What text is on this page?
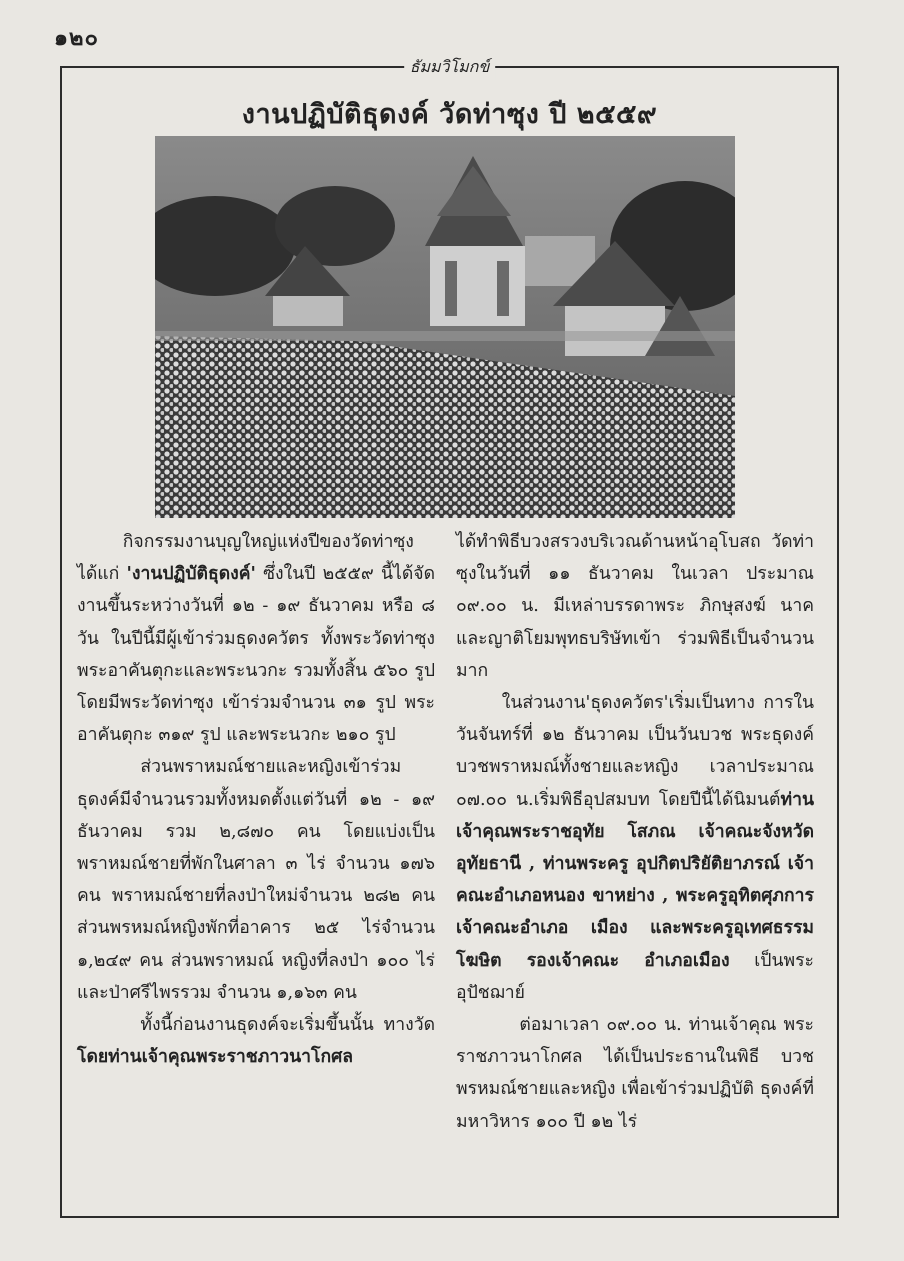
๑๒๐
ธัมมวิโมกข์
งานปฏิบัติธุดงค์ วัดท่าซุง ปี ๒๕๕๙

กิจกรรมงานบุญใหญ่แห่งปีของวัดท่าซุง ได้แก่ 'งานปฏิบัติธุดงค์' ซึ่งในปี ๒๕๕๙ นี้ได้จัดงานขึ้นระหว่างวันที่ ๑๒ - ๑๙ ธันวาคม หรือ ๘ วัน ในปีนี้มีผู้เข้าร่วมธุดงควัตร ทั้งพระวัดท่าซุง พระอาคันตุกะและพระนวกะ รวมทั้งสิ้น ๕๖๐ รูป โดยมีพระวัดท่าซุง เข้าร่วมจำนวน ๓๑ รูป พระอาคันตุกะ ๓๑๙ รูป และพระนวกะ ๒๑๐ รูป

ส่วนพราหมณ์ชายและหญิงเข้าร่วม ธุดงค์มีจำนวนรวมทั้งหมดตั้งแต่วันที่ ๑๒ - ๑๙ ธันวาคม รวม ๒,๘๗๐ คน โดยแบ่งเป็น พราหมณ์ชายที่พักในศาลา ๓ ไร่ จำนวน ๑๗๖ คน พราหมณ์ชายที่ลงป่าใหม่จำนวน ๒๘๒ คน ส่วนพรหมณ์หญิงพักที่อาคาร ๒๕ ไร่จำนวน ๑,๒๔๙ คน ส่วนพราหมณ์ หญิงที่ลงป่า ๑๐๐ ไร่และป่าศรีไพรรวม จำนวน ๑,๑๖๓ คน

ทั้งนี้ก่อนงานธุดงค์จะเริ่มขึ้นนั้น ทางวัด โดยท่านเจ้าคุณพระราชภาวนาโกศล

ได้ทำพิธีบวงสรวงบริเวณด้านหน้าอุโบสถ วัดท่าซุงในวันที่ ๑๑ ธันวาคม ในเวลา ประมาณ ๐๙.๐๐ น. มีเหล่าบรรดาพระ ภิกษุสงฆ์ นาค และญาติโยมพุทธบริษัทเข้า ร่วมพิธีเป็นจำนวนมาก

ในส่วนงาน'ธุดงควัตร'เริ่มเป็นทาง การในวันจันทร์ที่ ๑๒ ธันวาคม เป็นวันบวช พระธุดงค์ บวชพราหมณ์ทั้งชายและหญิง เวลาประมาณ ๐๗.๐๐ น.เริ่มพิธีอุปสมบท โดยปีนี้ได้นิมนต์ท่านเจ้าคุณพระราชอุทัย โสภณ เจ้าคณะจังหวัดอุทัยธานี , ท่านพระครู อุปกิตปริยัติยาภรณ์ เจ้าคณะอำเภอหนอง ขาหย่าง , พระครูอุทิตศุภการ เจ้าคณะอำเภอ เมือง และพระครูอุเทศธรรมโฆษิต รองเจ้าคณะ อำเภอเมือง เป็นพระอุปัชฌาย์

ต่อมาเวลา ๐๙.๐๐ น. ท่านเจ้าคุณ พระราชภาวนาโกศล ได้เป็นประธานในพิธี บวชพรหมณ์ชายและหญิง เพื่อเข้าร่วมปฏิบัติ ธุดงค์ที่มหาวิหาร ๑๐๐ ปี ๑๒ ไร่
